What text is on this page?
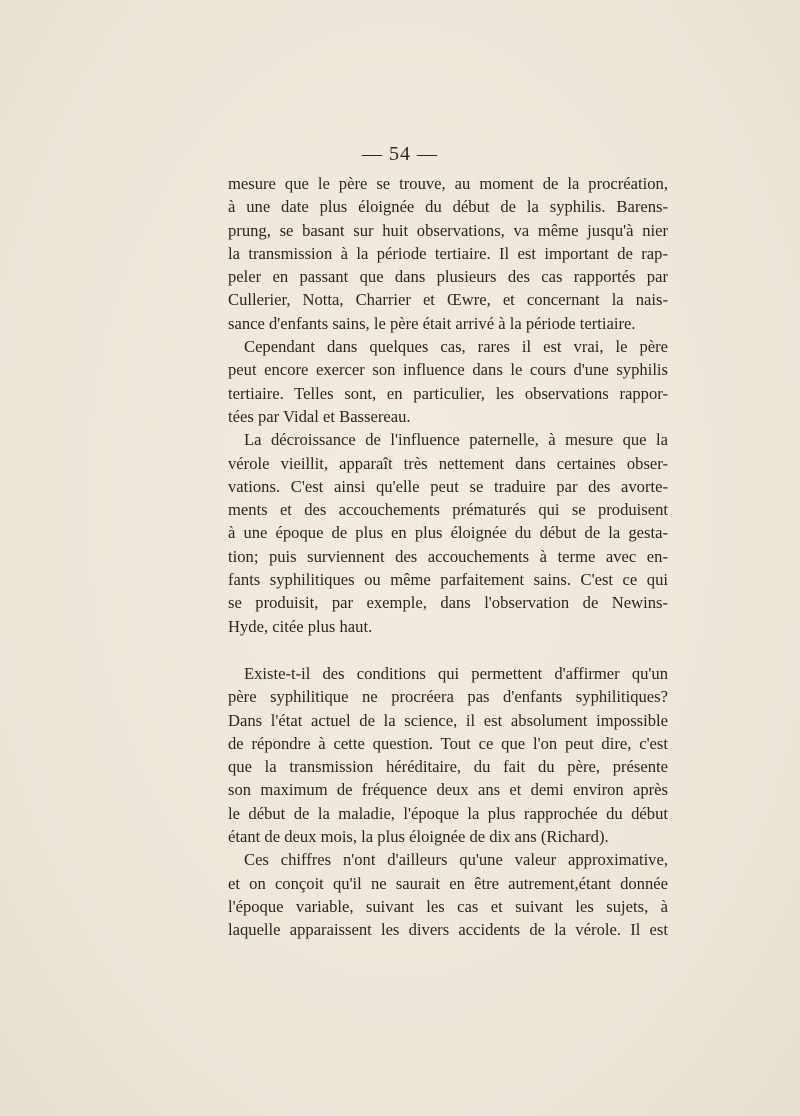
— 54 —
mesure que le père se trouve, au moment de la procréation,
à une date plus éloignée du début de la syphilis. Barens-
prung, se basant sur huit observations, va même jusqu'à nier
la transmission à la période tertiaire. Il est important de rap-
peler en passant que dans plusieurs des cas rapportés par
Cullerier, Notta, Charrier et Œwre, et concernant la nais-
sance d'enfants sains, le père était arrivé à la période tertiaire.
Cependant dans quelques cas, rares il est vrai, le père
peut encore exercer son influence dans le cours d'une syphilis
tertiaire. Telles sont, en particulier, les observations rappor-
tées par Vidal et Bassereau.
La décroissance de l'influence paternelle, à mesure que la
vérole vieillit, apparaît très nettement dans certaines obser-
vations. C'est ainsi qu'elle peut se traduire par des avorte-
ments et des accouchements prématurés qui se produisent
à une époque de plus en plus éloignée du début de la gesta-
tion; puis surviennent des accouchements à terme avec en-
fants syphilitiques ou même parfaitement sains. C'est ce qui
se produisit, par exemple, dans l'observation de Newins-
Hyde, citée plus haut.
Existe-t-il des conditions qui permettent d'affirmer qu'un
père syphilitique ne procréera pas d'enfants syphilitiques?
Dans l'état actuel de la science, il est absolument impossible
de répondre à cette question. Tout ce que l'on peut dire, c'est
que la transmission héréditaire, du fait du père, présente
son maximum de fréquence deux ans et demi environ après
le début de la maladie, l'époque la plus rapprochée du début
étant de deux mois, la plus éloignée de dix ans (Richard).
Ces chiffres n'ont d'ailleurs qu'une valeur approximative,
et on conçoit qu'il ne saurait en être autrement,étant donnée
l'époque variable, suivant les cas et suivant les sujets, à
laquelle apparaissent les divers accidents de la vérole. Il est
